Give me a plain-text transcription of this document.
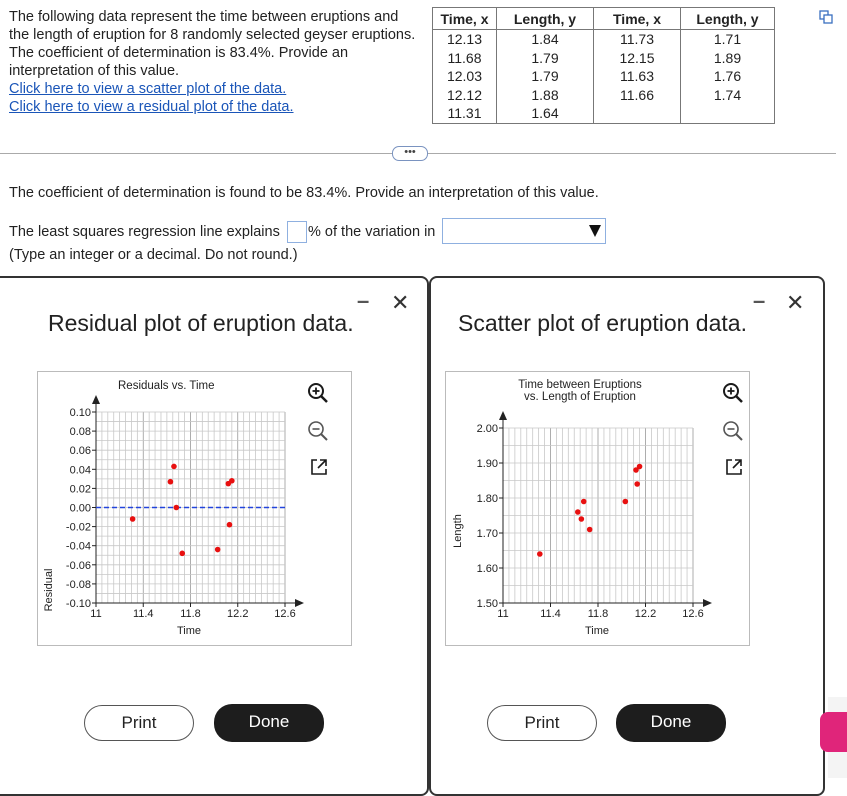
The following data represent the time between eruptions and the length of eruption for 8 randomly selected geyser eruptions. The coefficient of determination is 83.4%. Provide an interpretation of this value.
Click here to view a scatter plot of the data.
Click here to view a residual plot of the data.
Time, x	Length, y	Time, x	Length, y
12.13	1.84	11.73	1.71
11.68	1.79	12.15	1.89
12.03	1.79	11.63	1.76
12.12	1.88	11.66	1.74
11.31	1.64		
•••
The coefficient of determination is found to be 83.4%. Provide an interpretation of this value.
The least squares regression line explains % of the variation in
(Type an integer or a decimal. Do not round.)
Residual plot of eruption data.
– ✕
Residuals vs. Time
Residual
Time
0.10
0.08
0.06
0.04
0.02
0.00
-0.02
-0.04
-0.06
-0.08
-0.10
11	11.4 11.8 12.2 12.6
Print	Done
Scatter plot of eruption data.
– ✕
Time between Eruptions
vs. Length of Eruption
Length
Time
2.00
1.90
1.80
1.70
1.60
1.50
11	11.4 11.8 12.2 12.6
Print	Done
